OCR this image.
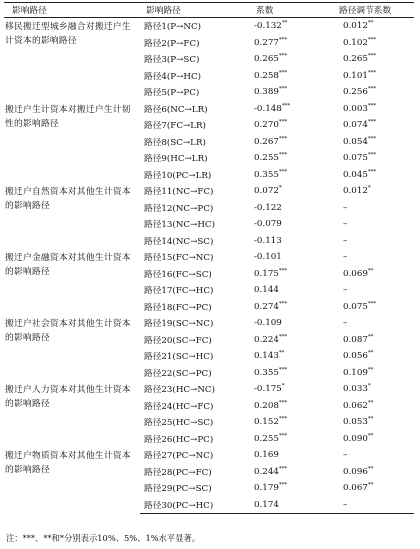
影响路径	影响路径	系数	路径调节系数
移民搬迁型城乡融合对搬迁户生计资本的影响路径	路径1(P→NC)	-0.132**	0.012**
	路径2(P→FC)	0.277***	0.102***
	路径3(P→SC)	0.265***	0.265***
	路径4(P→HC)	0.258***	0.101***
	路径5(P→PC)	0.389***	0.256***
搬迁户生计资本对搬迁户生计韧性的影响路径	路径6(NC→LR)	-0.148***	0.003***
	路径7(FC→LR)	0.270***	0.074***
	路径8(SC→LR)	0.267***	0.054***
	路径9(HC→LR)	0.255***	0.075***
	路径10(PC→LR)	0.355***	0.045***
搬迁户自然资本对其他生计资本的影响路径	路径11(NC→FC)	0.072*	0.012*
	路径12(NC→PC)	-0.122	–
	路径13(NC→HC)	-0.079	–
	路径14(NC→SC)	-0.113	–
搬迁户金融资本对其他生计资本的影响路径	路径15(FC→NC)	-0.101	–
	路径16(FC→SC)	0.175***	0.069**
	路径17(FC→HC)	0.144	–
	路径18(FC→PC)	0.274***	0.075***
搬迁户社会资本对其他生计资本的影响路径	路径19(SC→NC)	-0.109	–
	路径20(SC→FC)	0.224***	0.087**
	路径21(SC→HC)	0.143**	0.056**
	路径22(SC→PC)	0.355***	0.109**
搬迁户人力资本对其他生计资本的影响路径	路径23(HC→NC)	-0.175*	0.033*
	路径24(HC→FC)	0.208***	0.062**
	路径25(HC→SC)	0.152***	0.053**
	路径26(HC→PC)	0.255***	0.090**
搬迁户物质资本对其他生计资本的影响路径	路径27(PC→NC)	0.169	–
	路径28(PC→FC)	0.244***	0.096**
	路径29(PC→SC)	0.179***	0.067**
	路径30(PC→HC)	0.174	–
注：***、**和*分别表示10%、5%、1%水平显著。
